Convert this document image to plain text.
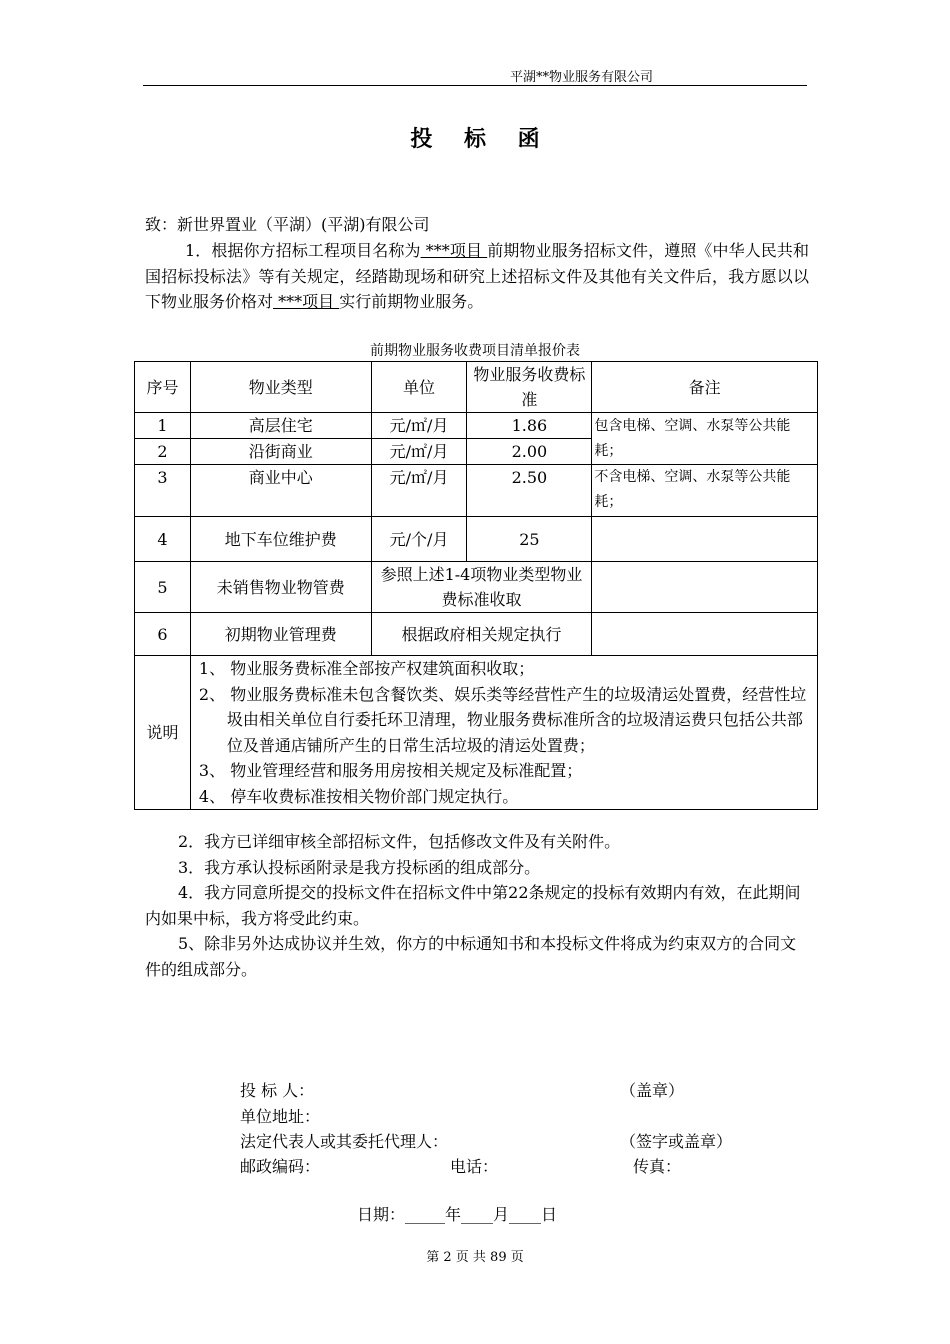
平湖**物业服务有限公司
投 标 函
致：新世界置业（平湖）(平湖)有限公司
1．根据你方招标工程项目名称为 ***项目 前期物业服务招标文件，遵照《中华人民共和国招标投标法》等有关规定，经踏勘现场和研究上述招标文件及其他有关文件后，我方愿以以下物业服务价格对 ***项目 实行前期物业服务。
前期物业服务收费项目清单报价表
序号	物业类型	单位	物业服务收费标准	备注
1	高层住宅	元/㎡/月	1.86	包含电梯、空调、水泵等公共能耗；
2	沿街商业	元/㎡/月	2.00	
3	商业中心	元/㎡/月	2.50	不含电梯、空调、水泵等公共能耗；
4	地下车位维护费	元/个/月	25	
5	未销售物业物管费	参照上述1-4项物业类型物业费标准收取		
6	初期物业管理费	根据政府相关规定执行		
说明	1、 物业服务费标准全部按产权建筑面积收取；
2、 物业服务费标准未包含餐饮类、娱乐类等经营性产生的垃圾清运处置费，经营性垃圾由相关单位自行委托环卫清理，物业服务费标准所含的垃圾清运费只包括公共部位及普通店铺所产生的日常生活垃圾的清运处置费；
3、 物业管理经营和服务用房按相关规定及标准配置；
4、 停车收费标准按相关物价部门规定执行。			
2．我方已详细审核全部招标文件，包括修改文件及有关附件。
3．我方承认投标函附录是我方投标函的组成部分。
4．我方同意所提交的投标文件在招标文件中第22条规定的投标有效期内有效，在此期间内如果中标，我方将受此约束。
5、除非另外达成协议并生效，你方的中标通知书和本投标文件将成为约束双方的合同文件的组成部分。
投 标 人：	（盖章）
单位地址：
法定代表人或其委托代理人：	（签字或盖章）
邮政编码：	电话：	传真：
日期：_____年____月____日
第 2 页 共 89 页
